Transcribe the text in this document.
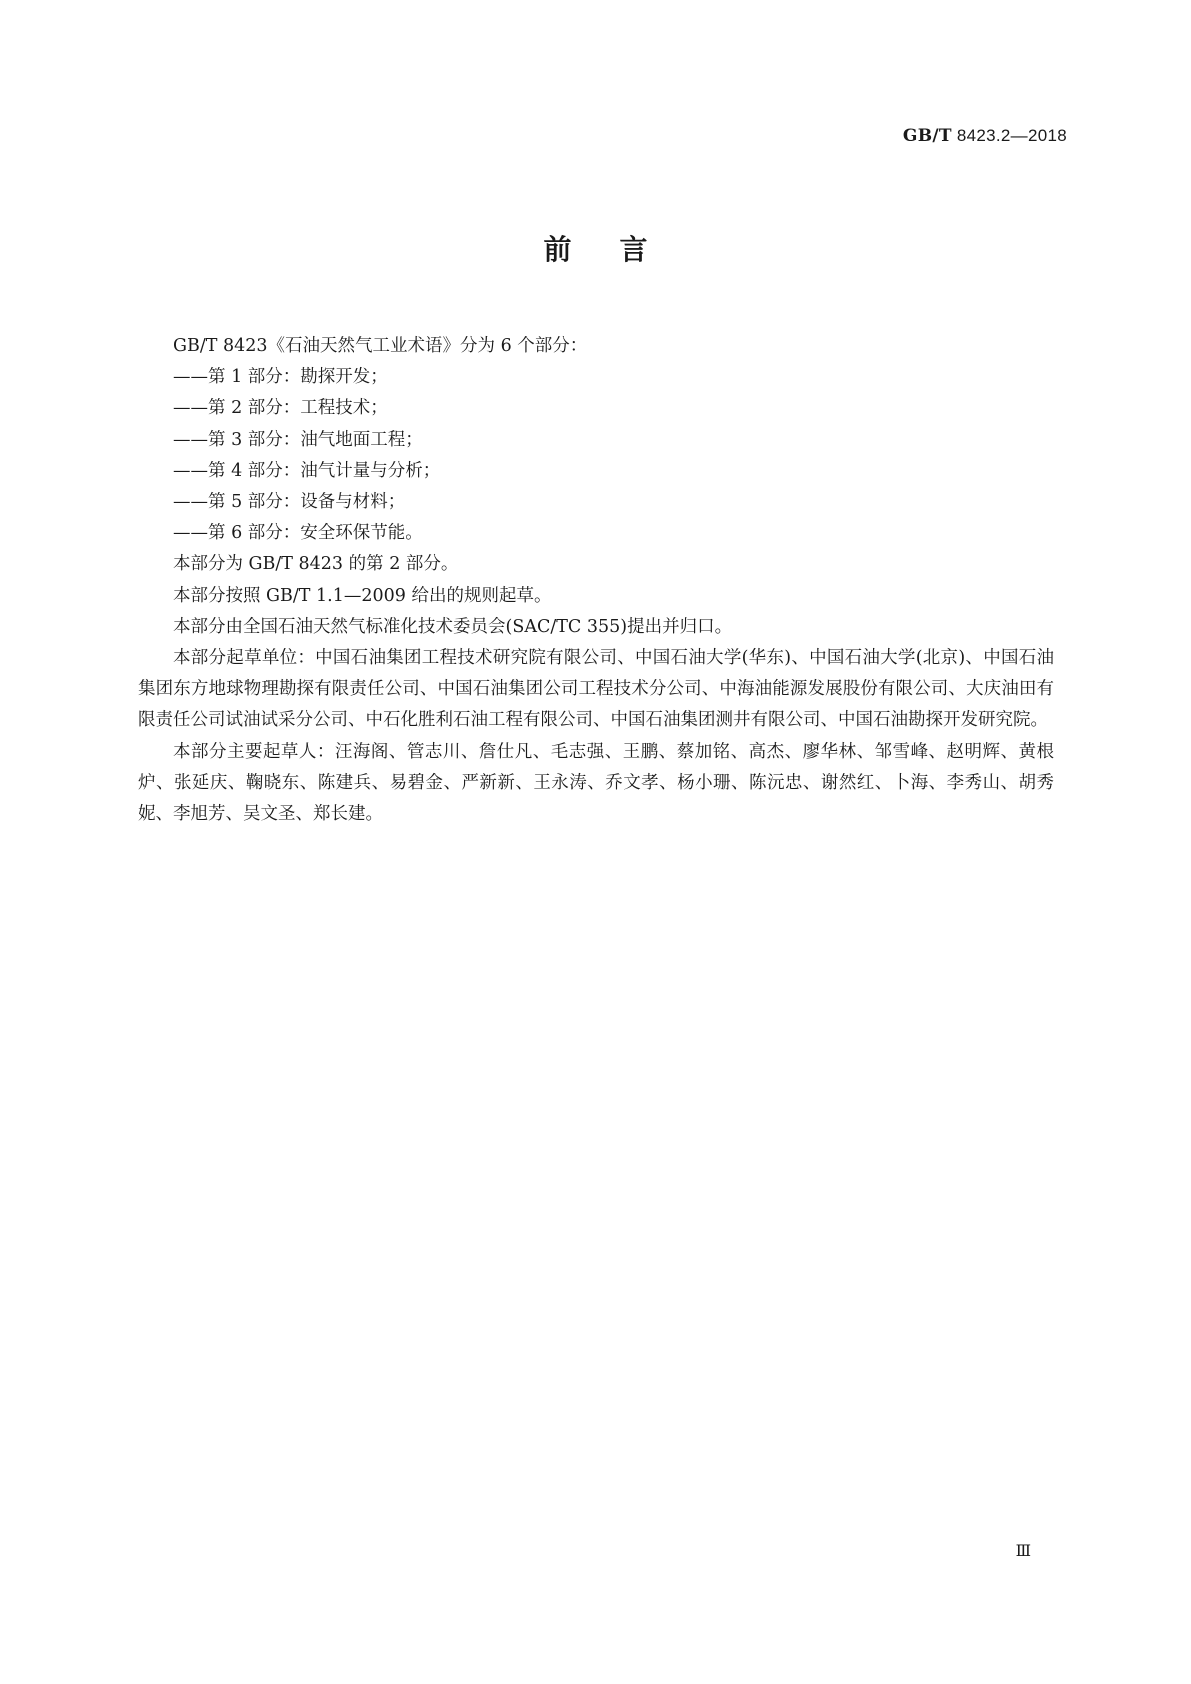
GB/T 8423.2—2018
前言

GB/T 8423《石油天然气工业术语》分为 6 个部分：

——第 1 部分：勘探开发；

——第 2 部分：工程技术；

——第 3 部分：油气地面工程；

——第 4 部分：油气计量与分析；

——第 5 部分：设备与材料；

——第 6 部分：安全环保节能。

本部分为 GB/T 8423 的第 2 部分。

本部分按照 GB/T 1.1—2009 给出的规则起草。

本部分由全国石油天然气标准化技术委员会(SAC/TC 355)提出并归口。

本部分起草单位：中国石油集团工程技术研究院有限公司、中国石油大学(华东)、中国石油大学(北京)、中国石油集团东方地球物理勘探有限责任公司、中国石油集团公司工程技术分公司、中海油能源发展股份有限公司、大庆油田有限责任公司试油试采分公司、中石化胜利石油工程有限公司、中国石油集团测井有限公司、中国石油勘探开发研究院。

本部分主要起草人：汪海阁、管志川、詹仕凡、毛志强、王鹏、蔡加铭、高杰、廖华林、邹雪峰、赵明辉、黄根炉、张延庆、鞠晓东、陈建兵、易碧金、严新新、王永涛、乔文孝、杨小珊、陈沅忠、谢然红、卜海、李秀山、胡秀妮、李旭芳、吴文圣、郑长建。

Ⅲ
